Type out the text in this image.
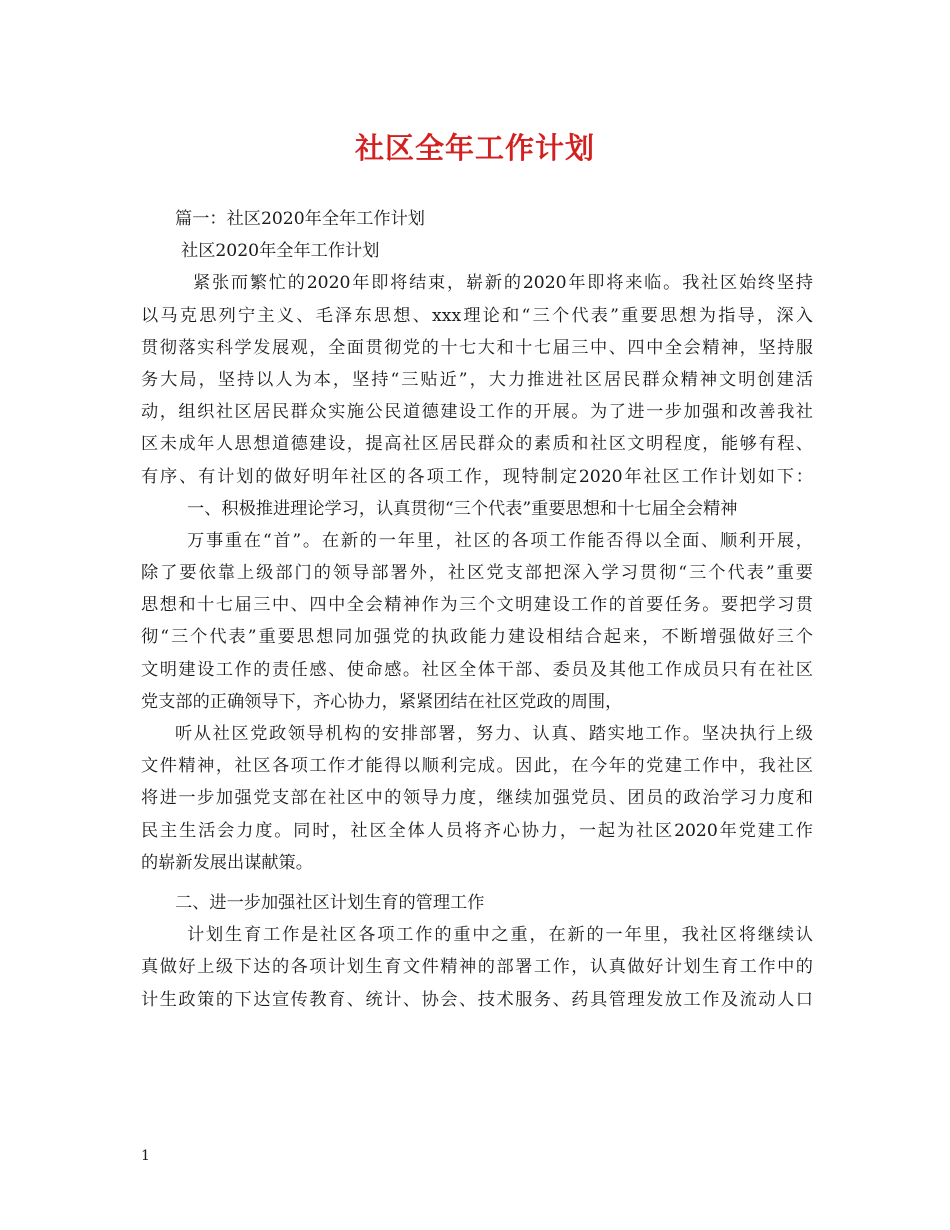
社区全年工作计划
篇一：社区2020年全年工作计划
社区2020年全年工作计划
紧张而繁忙的2020年即将结束，崭新的2020年即将来临。我社区始终坚持
以马克思列宁主义、毛泽东思想、xxx理论和“三个代表”重要思想为指导，深入
贯彻落实科学发展观，全面贯彻党的十七大和十七届三中、四中全会精神，坚持服
务大局，坚持以人为本，坚持“三贴近”，大力推进社区居民群众精神文明创建活
动，组织社区居民群众实施公民道德建设工作的开展。为了进一步加强和改善我社
区未成年人思想道德建设，提高社区居民群众的素质和社区文明程度，能够有程、
有序、有计划的做好明年社区的各项工作，现特制定2020年社区工作计划如下：
一、积极推进理论学习，认真贯彻“三个代表”重要思想和十七届全会精神
万事重在“首”。在新的一年里，社区的各项工作能否得以全面、顺利开展，
除了要依靠上级部门的领导部署外，社区党支部把深入学习贯彻“三个代表”重要
思想和十七届三中、四中全会精神作为三个文明建设工作的首要任务。要把学习贯
彻“三个代表”重要思想同加强党的执政能力建设相结合起来，不断增强做好三个
文明建设工作的责任感、使命感。社区全体干部、委员及其他工作成员只有在社区
党支部的正确领导下，齐心协力，紧紧团结在社区党政的周围，
听从社区党政领导机构的安排部署，努力、认真、踏实地工作。坚决执行上级
文件精神，社区各项工作才能得以顺利完成。因此，在今年的党建工作中，我社区
将进一步加强党支部在社区中的领导力度，继续加强党员、团员的政治学习力度和
民主生活会力度。同时，社区全体人员将齐心协力，一起为社区2020年党建工作
的崭新发展出谋献策。
二、进一步加强社区计划生育的管理工作
计划生育工作是社区各项工作的重中之重，在新的一年里，我社区将继续认
真做好上级下达的各项计划生育文件精神的部署工作，认真做好计划生育工作中的
计生政策的下达宣传教育、统计、协会、技术服务、药具管理发放工作及流动人口
1
